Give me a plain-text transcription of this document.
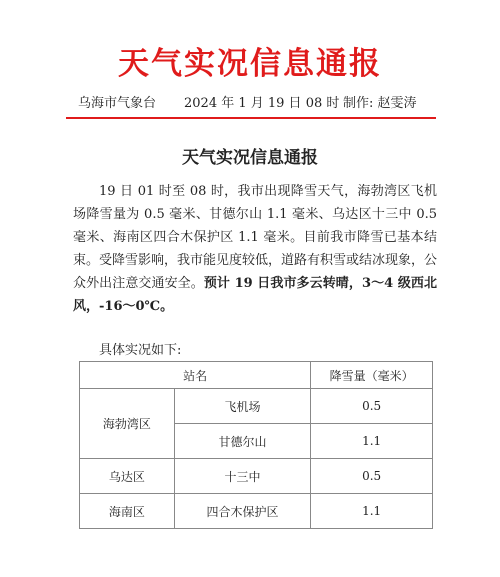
天气实况信息通报
乌海市气象台 2024 年 1 月 19 日 08 时 制作: 赵雯涛
天气实况信息通报

19 日 01 时至 08 时，我市出现降雪天气，海勃湾区飞机场降雪量为 0.5 毫米、甘德尔山 1.1 毫米、乌达区十三中 0.5 毫米、海南区四合木保护区 1.1 毫米。目前我市降雪已基本结束。受降雪影响，我市能见度较低，道路有积雪或结冰现象，公众外出注意交通安全。预计 19 日我市多云转晴，3～4 级西北风，-16～0℃。

具体实况如下:
站名		降雪量（毫米）
海勃湾区	飞机场	0.5
	甘德尔山	1.1
乌达区	十三中	0.5
海南区	四合木保护区	1.1
